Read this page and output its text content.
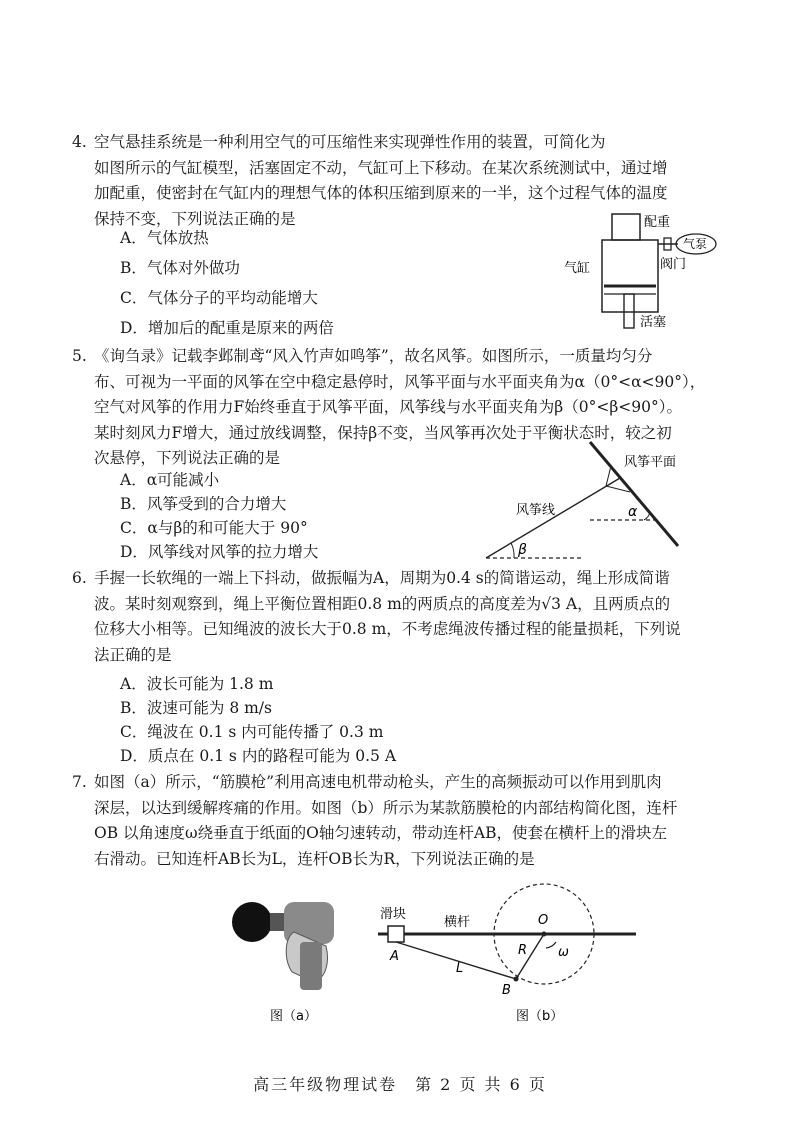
4. 空气悬挂系统是一种利用空气的可压缩性来实现弹性作用的装置，可简化为

如图所示的气缸模型，活塞固定不动，气缸可上下移动。在某次系统测试中，通过增

加配重，使密封在气缸内的理想气体的体积压缩到原来的一半，这个过程气体的温度

保持不变，下列说法正确的是

A．气体放热
B．气体对外做功
C．气体分子的平均动能增大
D．增加后的配重是原来的两倍
配重
气泵
阀门
气缸
活塞
5. 《询刍录》记载李邺制鸢“风入竹声如鸣筝”，故名风筝。如图所示，一质量均匀分

布、可视为一平面的风筝在空中稳定悬停时，风筝平面与水平面夹角为α（0°<α<90°），

空气对风筝的作用力F始终垂直于风筝平面，风筝线与水平面夹角为β（0°<β<90°）。

某时刻风力F增大，通过放线调整，保持β不变，当风筝再次处于平衡状态时，较之初

次悬停，下列说法正确的是

A．α可能减小
B．风筝受到的合力增大
C．α与β的和可能大于 90°
D．风筝线对风筝的拉力增大
风筝平面
风筝线	α
β
6. 手握一长软绳的一端上下抖动，做振幅为A，周期为0.4 s的简谐运动，绳上形成简谐

波。某时刻观察到，绳上平衡位置相距0.8 m的两质点的高度差为√3 A，且两质点的

位移大小相等。已知绳波的波长大于0.8 m，不考虑绳波传播过程的能量损耗，下列说

法正确的是

A．波长可能为 1.8 m
B．波速可能为 8 m/s
C．绳波在 0.1 s 内可能传播了 0.3 m
D．质点在 0.1 s 内的路程可能为 0.5 A
7. 如图（a）所示，“筋膜枪”利用高速电机带动枪头，产生的高频振动可以作用到肌肉

深层，以达到缓解疼痛的作用。如图（b）所示为某款筋膜枪的内部结构简化图，连杆

OB 以角速度ω绕垂直于纸面的O轴匀速转动，带动连杆AB，使套在横杆上的滑块左

右滑动。已知连杆AB长为L，连杆OB长为R，下列说法正确的是

图（a）
滑块
横杆	O
A
B
R
L
ω
图（b）
高三年级物理试卷　第 2 页 共 6 页
